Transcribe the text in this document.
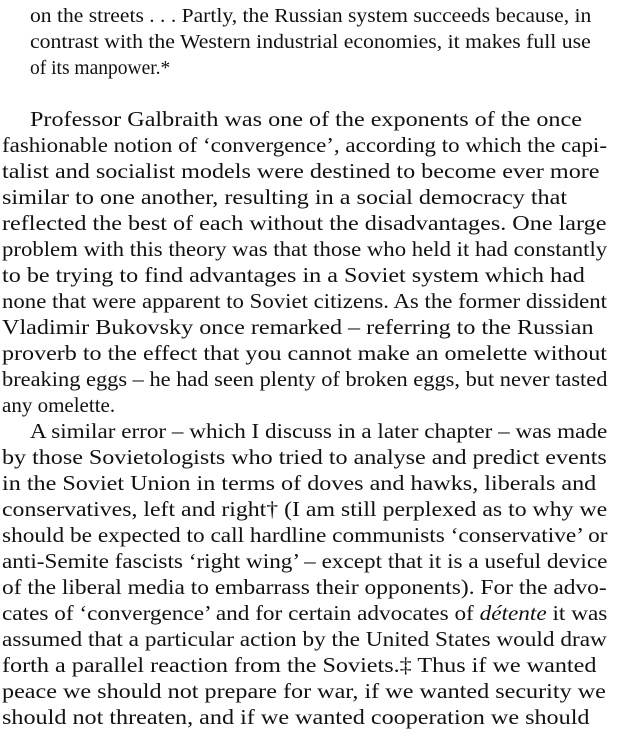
on the streets . . . Partly, the Russian system succeeds because, in
contrast with the Western industrial economies, it makes full use
of its manpower.*
Professor Galbraith was one of the exponents of the once
fashionable notion of ‘convergence’, according to which the capi-
talist and socialist models were destined to become ever more
similar to one another, resulting in a social democracy that
reflected the best of each without the disadvantages. One large
problem with this theory was that those who held it had constantly
to be trying to find advantages in a Soviet system which had
none that were apparent to Soviet citizens. As the former dissident
Vladimir Bukovsky once remarked – referring to the Russian
proverb to the effect that you cannot make an omelette without
breaking eggs – he had seen plenty of broken eggs, but never tasted
any omelette.
A similar error – which I discuss in a later chapter – was made
by those Sovietologists who tried to analyse and predict events
in the Soviet Union in terms of doves and hawks, liberals and
conservatives, left and right† (I am still perplexed as to why we
should be expected to call hardline communists ‘conservative’ or
anti-Semite fascists ‘right wing’ – except that it is a useful device
of the liberal media to embarrass their opponents). For the advo-
cates of ‘convergence’ and for certain advocates of détente it was
assumed that a particular action by the United States would draw
forth a parallel reaction from the Soviets.‡ Thus if we wanted
peace we should not prepare for war, if we wanted security we
should not threaten, and if we wanted cooperation we should
